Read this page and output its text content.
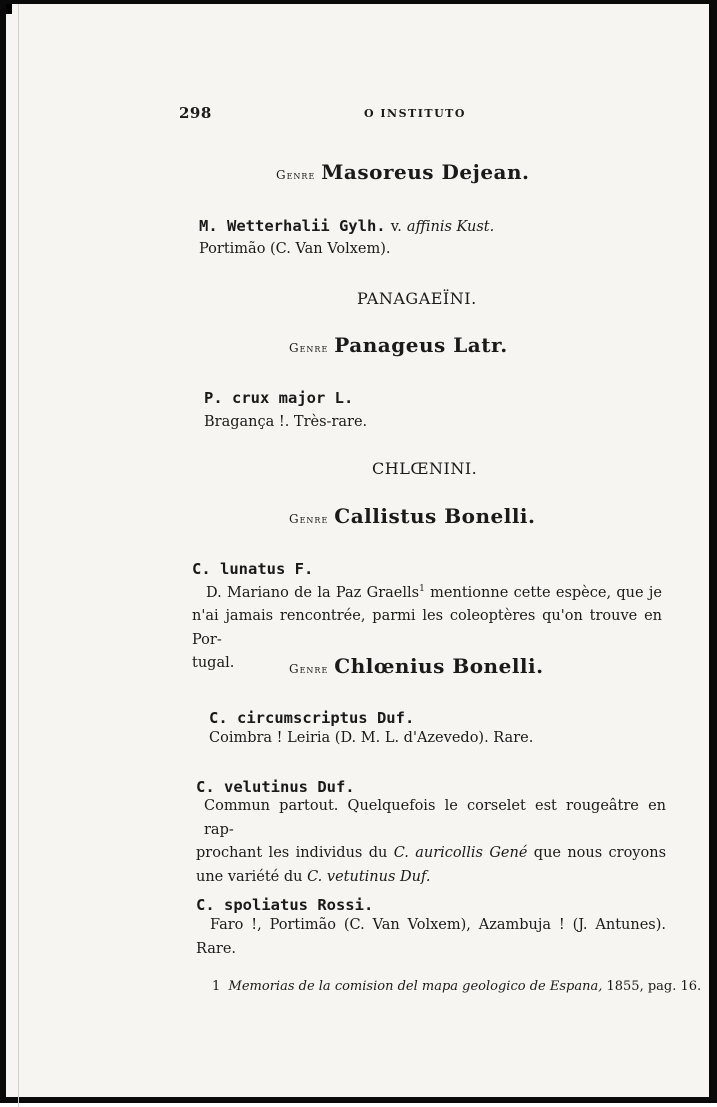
298	O INSTITUTO
Genre Masoreus Dejean.
M. Wetterhalii Gylh. v. affinis Kust.
Portimão (C. Van Volxem).
PANAGAEÏNI.
Genre Panageus Latr.
P. crux major L.
Bragança !. Très-rare.
CHLŒNINI.
Genre Callistus Bonelli.
C. lunatus F.
D. Mariano de la Paz Graells$^1$ mentionne cette espèce, que je
n'ai jamais rencontrée, parmi les coleoptères qu'on trouve en Por-
tugal.	Genre Chlœnius Bonelli.
C. circumscriptus Duf.
Coimbra ! Leiria (D. M. L. d'Azevedo). Rare.
C. velutinus Duf.
Commun partout. Quelquefois le corselet est rougeâtre en rap-
prochant les individus du C. auricollis Gené que nous croyons
une variété du C. vetutinus Duf.
C. spoliatus Rossi.
Faro !, Portimão (C. Van Volxem), Azambuja ! (J. Antunes).
Rare.
1 Memorias de la comision del mapa geologico de Espana, 1855, pag. 16.
